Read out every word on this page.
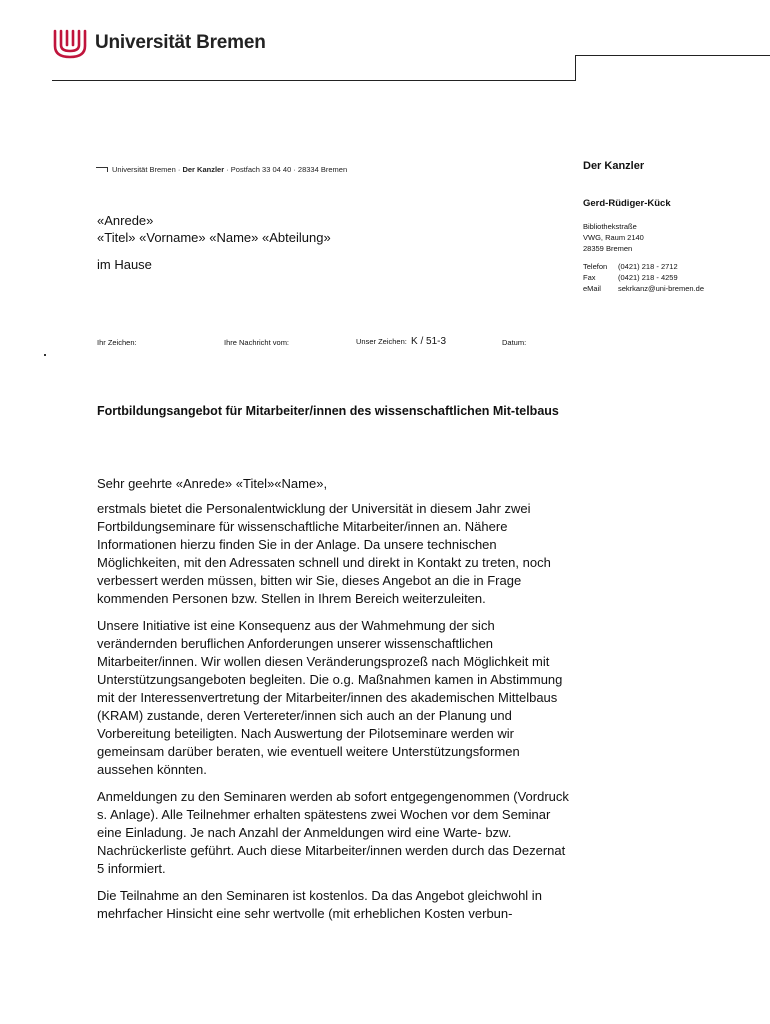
Universität Bremen
Universität Bremen · Der Kanzler · Postfach 33 04 40 · 28334 Bremen	Der Kanzler
Gerd-Rüdiger-Kück
Bibliothekstraße
VWG, Raum 2140
28359 Bremen
Telefon	(0421) 218 - 2712
Fax	(0421) 218 - 4259
eMail	sekrkanz@uni-bremen.de
«Anrede»
«Titel» «Vorname» «Name» «Abteilung»
im Hause
Ihr Zeichen:	Ihre Nachricht vom:	Unser Zeichen: K / 51-3	Datum:
Fortbildungsangebot für Mitarbeiter/innen des wissenschaftlichen Mit-telbaus
Sehr geehrte «Anrede» «Titel»«Name»,

erstmals bietet die Personalentwicklung der Universität in diesem Jahr zwei Fortbildungseminare für wissenschaftliche Mitarbeiter/innen an. Nähere Informationen hierzu finden Sie in der Anlage. Da unsere technischen Möglichkeiten, mit den Adressaten schnell und direkt in Kontakt zu treten, noch verbessert werden müssen, bitten wir Sie, dieses Angebot an die in Frage kommenden Personen bzw. Stellen in Ihrem Bereich weiterzuleiten.

Unsere Initiative ist eine Konsequenz aus der Wahmehmung der sich verändernden beruflichen Anforderungen unserer wissenschaftlichen Mitarbeiter/innen. Wir wollen diesen Veränderungsprozeß nach Möglichkeit mit Unterstützungsangeboten begleiten. Die o.g. Maßnahmen kamen in Abstimmung mit der Interessenvertretung der Mitarbeiter/innen des akademischen Mittelbaus (KRAM) zustande, deren Vertereter/innen sich auch an der Planung und Vorbereitung beteiligten. Nach Auswertung der Pilotseminare werden wir gemeinsam darüber beraten, wie eventuell weitere Unterstützungsformen aussehen könnten.

Anmeldungen zu den Seminaren werden ab sofort entgegengenommen (Vordruck s. Anlage). Alle Teilnehmer erhalten spätestens zwei Wochen vor dem Seminar eine Einladung. Je nach Anzahl der Anmeldungen wird eine Warte- bzw. Nachrückerliste geführt. Auch diese Mitarbeiter/innen werden durch das Dezernat 5 informiert.

Die Teilnahme an den Seminaren ist kostenlos. Da das Angebot gleichwohl in mehrfacher Hinsicht eine sehr wertvolle (mit erheblichen Kosten verbun-
